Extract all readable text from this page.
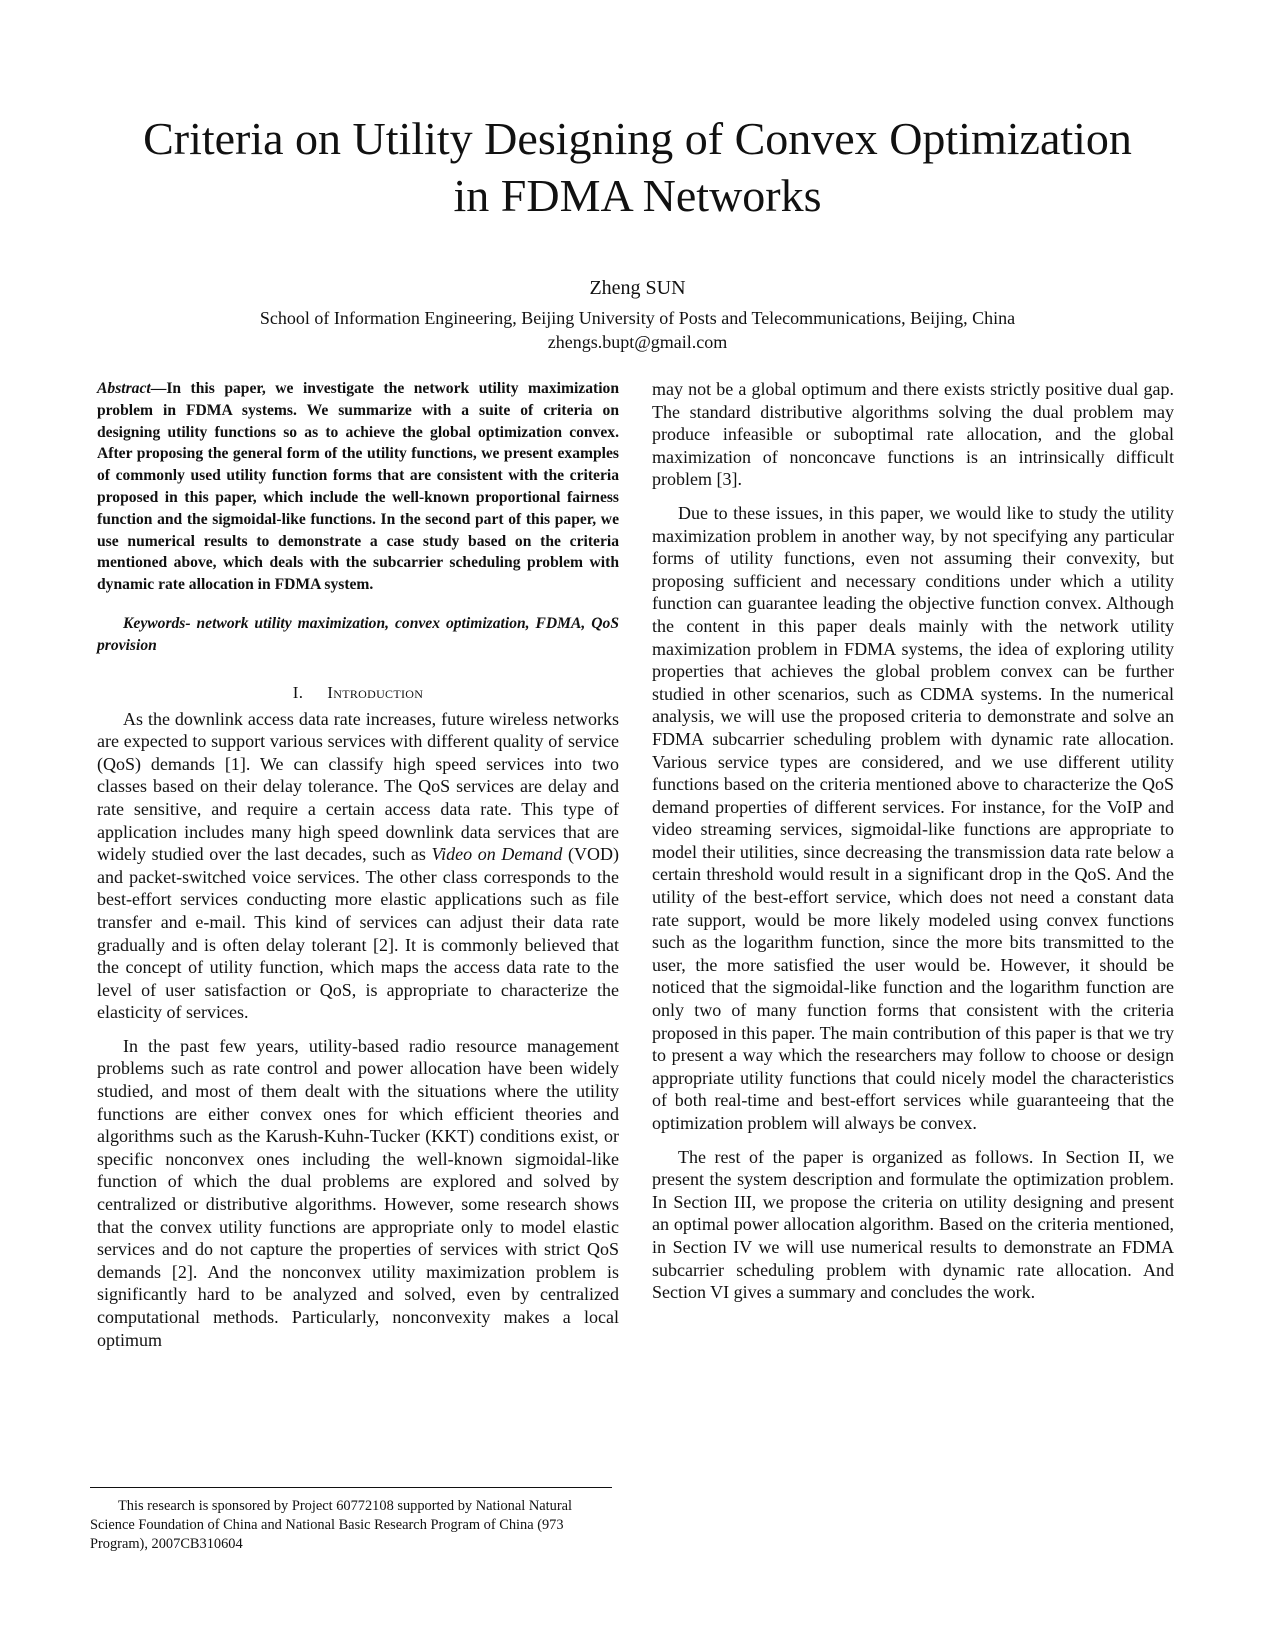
Criteria on Utility Designing of Convex Optimization
in FDMA Networks
Zheng SUN
School of Information Engineering, Beijing University of Posts and Telecommunications, Beijing, China
zhengs.bupt@gmail.com

Abstract—In this paper, we investigate the network utility maximization problem in FDMA systems. We summarize with a suite of criteria on designing utility functions so as to achieve the global optimization convex. After proposing the general form of the utility functions, we present examples of commonly used utility function forms that are consistent with the criteria proposed in this paper, which include the well-known proportional fairness function and the sigmoidal-like functions. In the second part of this paper, we use numerical results to demonstrate a case study based on the criteria mentioned above, which deals with the subcarrier scheduling problem with dynamic rate allocation in FDMA system.

Keywords- network utility maximization, convex optimization, FDMA, QoS provision

I. Introduction

As the downlink access data rate increases, future wireless networks are expected to support various services with different quality of service (QoS) demands [1]. We can classify high speed services into two classes based on their delay tolerance. The QoS services are delay and rate sensitive, and require a certain access data rate. This type of application includes many high speed downlink data services that are widely studied over the last decades, such as Video on Demand (VOD) and packet-switched voice services. The other class corresponds to the best-effort services conducting more elastic applications such as file transfer and e-mail. This kind of services can adjust their data rate gradually and is often delay tolerant [2]. It is commonly believed that the concept of utility function, which maps the access data rate to the level of user satisfaction or QoS, is appropriate to characterize the elasticity of services.

In the past few years, utility-based radio resource management problems such as rate control and power allocation have been widely studied, and most of them dealt with the situations where the utility functions are either convex ones for which efficient theories and algorithms such as the Karush-Kuhn-Tucker (KKT) conditions exist, or specific nonconvex ones including the well-known sigmoidal-like function of which the dual problems are explored and solved by centralized or distributive algorithms. However, some research shows that the convex utility functions are appropriate only to model elastic services and do not capture the properties of services with strict QoS demands [2]. And the nonconvex utility maximization problem is significantly hard to be analyzed and solved, even by centralized computational methods. Particularly, nonconvexity makes a local optimum

may not be a global optimum and there exists strictly positive dual gap. The standard distributive algorithms solving the dual problem may produce infeasible or suboptimal rate allocation, and the global maximization of nonconcave functions is an intrinsically difficult problem [3].

Due to these issues, in this paper, we would like to study the utility maximization problem in another way, by not specifying any particular forms of utility functions, even not assuming their convexity, but proposing sufficient and necessary conditions under which a utility function can guarantee leading the objective function convex. Although the content in this paper deals mainly with the network utility maximization problem in FDMA systems, the idea of exploring utility properties that achieves the global problem convex can be further studied in other scenarios, such as CDMA systems. In the numerical analysis, we will use the proposed criteria to demonstrate and solve an FDMA subcarrier scheduling problem with dynamic rate allocation. Various service types are considered, and we use different utility functions based on the criteria mentioned above to characterize the QoS demand properties of different services. For instance, for the VoIP and video streaming services, sigmoidal-like functions are appropriate to model their utilities, since decreasing the transmission data rate below a certain threshold would result in a significant drop in the QoS. And the utility of the best-effort service, which does not need a constant data rate support, would be more likely modeled using convex functions such as the logarithm function, since the more bits transmitted to the user, the more satisfied the user would be. However, it should be noticed that the sigmoidal-like function and the logarithm function are only two of many function forms that consistent with the criteria proposed in this paper. The main contribution of this paper is that we try to present a way which the researchers may follow to choose or design appropriate utility functions that could nicely model the characteristics of both real-time and best-effort services while guaranteeing that the optimization problem will always be convex.

The rest of the paper is organized as follows. In Section II, we present the system description and formulate the optimization problem. In Section III, we propose the criteria on utility designing and present an optimal power allocation algorithm. Based on the criteria mentioned, in Section IV we will use numerical results to demonstrate an FDMA subcarrier scheduling problem with dynamic rate allocation. And Section VI gives a summary and concludes the work.

This research is sponsored by Project 60772108 supported by National Natural Science Foundation of China and National Basic Research Program of China (973 Program), 2007CB310604
